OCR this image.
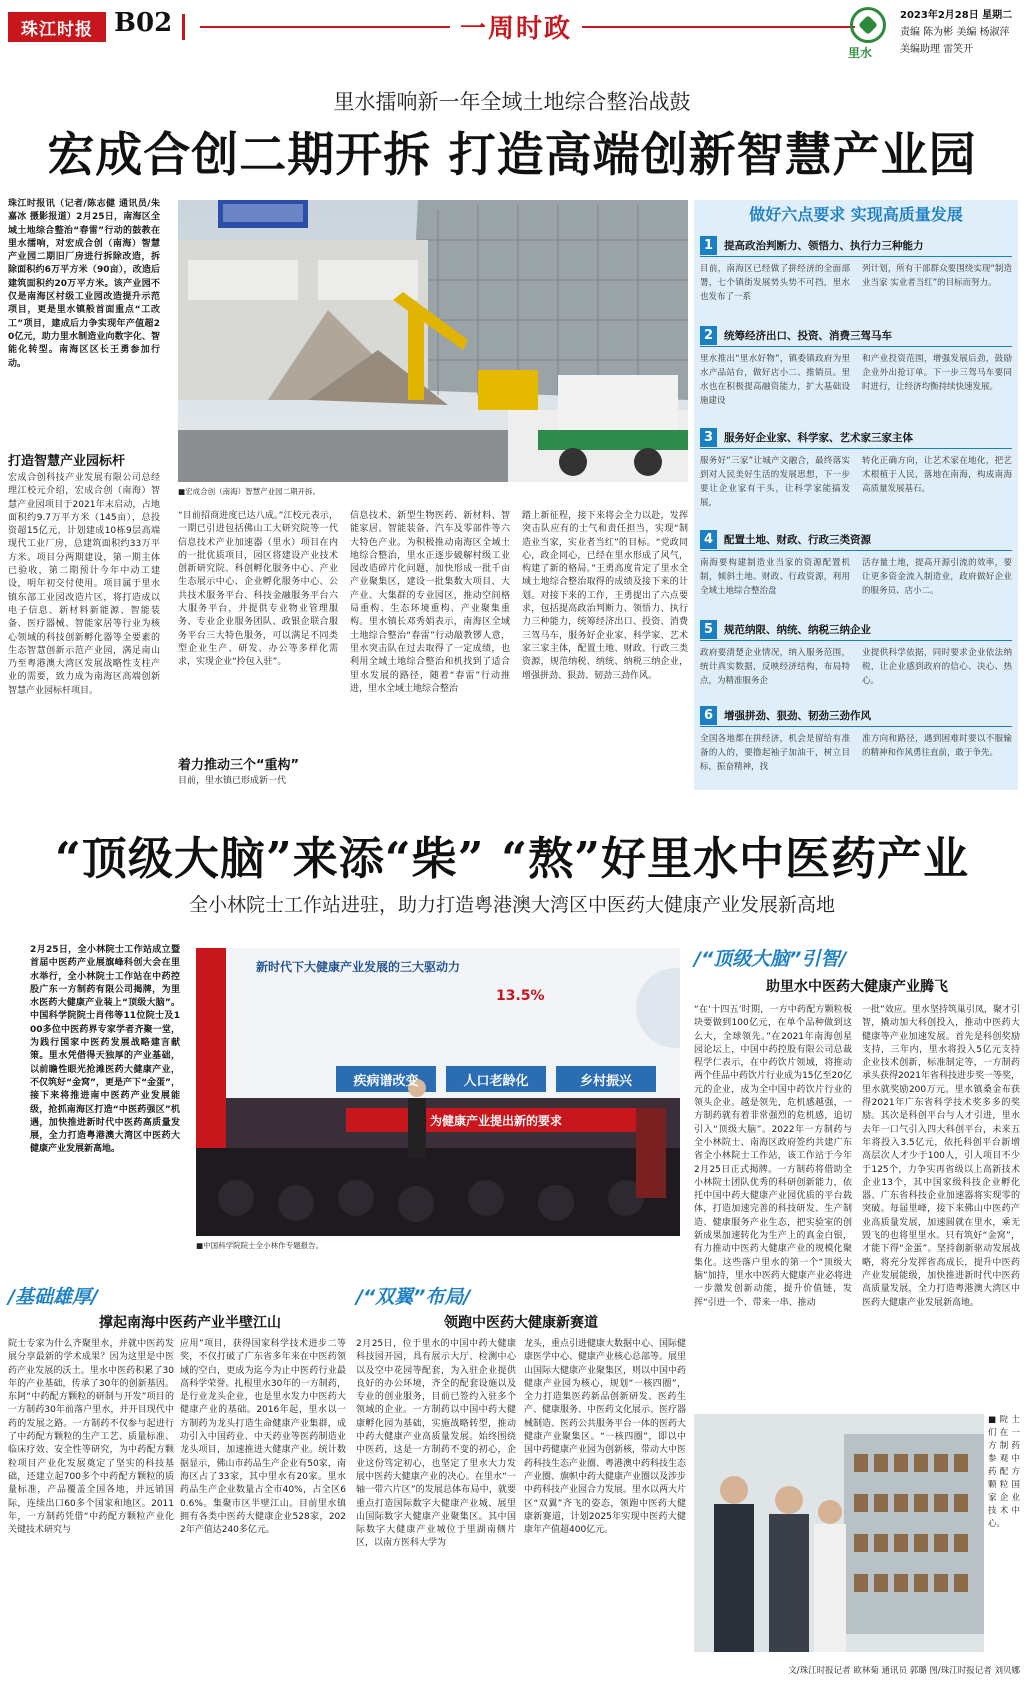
珠江时报 B02	一周时政
里水
2023年2月28日 星期二
责编 陈为彬 美编 杨淑萍
美编助理 雷笑开
里水擂响新一年全域土地综合整治战鼓
宏成合创二期开拆 打造高端创新智慧产业园
珠江时报讯（记者/陈志健 通讯员/朱嘉冰 摄影报道）2月25日，南海区全域土地综合整治“春雷”行动的鼓教在里水擂响，对宏成合创（南海）智慧产业园二期旧厂房进行拆除改造，拆除面积约6万平方米（90亩），改造后建筑面积约20万平方米。该产业园不仅是南海区村级工业园改造提升示范项目，更是里水镇般首面重点“工改工”项目，建成后力争实现年产值超20亿元，助力里水制造业向数字化、智能化转型。南海区区长王勇参加行动。
打造智慧产业园标杆
宏成合创科技产业发展有限公司总经理江校元介绍，宏成合创（南海）智慧产业园项目于2021年末启动，占地面积约9.7万平方米（145亩），总投资超15亿元，计划建成10栋9层高端现代工业厂房，总建筑面积约33万平方米。项目分两期建设，第一期主体已验收，第二期预计今年中动工建设，明年初交付使用。项目属于里水镇东部工业园改造片区，将打造成以电子信息、新材料新能源、智能装备、医疗器械、智能家居等行业为核心领域的科技创新孵化器等全要素的生态智慧创新示范产业园，满足南山乃至粤港澳大湾区发展战略性支柱产业的需要，致力成为南海区高端创新智慧产业园标杆项目。
■宏成合创（南海）智慧产业园二期开拆。
“目前招商进度已达八成。”江校元表示，一期已引进包括佛山工大研究院等一代信息技术产业加速器（里水）项目在内的一批优质项目，园区将建设产业技术创新研究院、科创孵化服务中心、产业生态展示中心、企业孵化服务中心、公共技术服务平台、科技金融服务平台六大服务平台，并提供专业物业管理服务、专业企业服务团队、政银企联合服务平台三大特色服务，可以满足不同类型企业生产、研发、办公等多样化需求，实现企业“拎包入驻”。
着力推动三个“重构”
目前，里水镇已形成新一代
信息技术、新型生物医药、新材料、智能家居、智能装备、汽车及零部件等六大特色产业。为积极推动南海区全域土地综合整治，里水正逐步破解村级工业园改造碎片化问题，加快形成一批千亩产业聚集区，建设一批集数大项目、大产业、大集群的专业园区，推动空间格局重构、生态环境重构、产业聚集重构。里水镇长邓秀娟表示，南海区全域土地综合整治“春雷”行动敲教锣人意，里水突击队在过去取得了一定成绩，也利用全域土地综合整治和机找到了适合里水发展的路径，随着“春雷”行动推进，里水全域土地综合整治
踏上新征程，接下来将会全力以赴，发挥突击队应有的士气和责任担当，实现“制造业当家，实业者当红”的目标。“党政同心，政企同心，已经在里水形成了风气，构建了新的格局。”王勇高度肯定了里水全域土地综合整治取得的成绩及接下来的计划。对接下来的工作，王勇提出了六点要求，包括提高政治判断力、领悟力、执行力三种能力，统筹经济出口、投资、消费三驾马车，服务好企业家、科学家、艺术家三家主体，配置土地、财政、行政三类资源，规范纳税、纳统、纳税三纳企业，增强拼劲、狠劲、韧劲三劲作风。
做好六点要求 实现高质量发展
1	提高政治判断力、领悟力、执行力三种能力
目前，南海区已经做了拼经济的全面部署，七个镇街发展势头势不可挡，里水也发布了一系
列计划，所有干部群众要围绕实现“制造业当家 实业者当红”的目标而努力。
2	统筹经济出口、投资、消费三驾马车
里水推出“里水好物”，镇委镇政府为里水产品站台，做好店小二、推销员。里水也在积极提高融资能力，扩大基础设施建设
和产业投资范围，增强发展后劲，鼓励企业外出抢订单。下一步三驾马车要同时进行，让经济均衡持续快速发展。
3	服务好企业家、科学家、艺术家三家主体
服务好“三家”让城产文融合，最终落实到对人民美好生活的发展思想，下一步要让企业家有干头，让科学家能搞发展，
转化正确方向，让艺术家在地化，把艺术根植于人民，落地在南海，构成南海高质量发展基石。
4	配置土地、财政、行政三类资源
南海要构建制造业当家的资源配置机制，倾斜土地、财政、行政资源，利用全域土地综合整治盘
活存量土地，提高开源引流的效率，要让更多资金流入制造业，政府做好企业的服务员、店小二。
5	规范纳限、纳统、纳税三纳企业
政府要清楚企业情况，纳入服务范围，统计真实数据，反映经济结构，布局特点，为精准服务企
业提供科学依据，同时要求企业依法纳税，让企业感到政府的信心、决心、热心。
6	增强拼劲、狠劲、韧劲三劲作风
全国各地都在拼经济，机会是留给有准备的人的，要撸起袖子加油干，树立目标，振奋精神，找
准方向和路径，遇到困难时要以不服输的精神和作风勇往直前，敢于争先。
“顶级大脑”来添“柴” “熬”好里水中医药产业
全小林院士工作站进驻，助力打造粤港澳大湾区中医药大健康产业发展新高地
2月25日，全小林院士工作站成立暨首届中医药产业展旗峰科创大会在里水举行，全小林院士工作站在中药控股广东一方制药有限公司揭牌，为里水医药大健康产业装上“顶级大脑”。中国科学院院士肖伟等11位院士及100多位中医药界专家学者齐聚一堂，为践行国家中医药发展战略建言献策。里水凭借得天独厚的产业基础，以前瞻性眼光抢滩医药大健康产业，不仅筑好“金窝”，更是产下“金蛋”，接下来将推进南中医药产业发展能级，抢抓南海区打造“中医药强区”机遇，加快推进新时代中医药高质量发展，全力打造粤港澳大湾区中医药大健康产业发展新高地。
新时代下大健康产业发展的三大驱动力
13.5%
疾病谱改变	人口老龄化	乡村振兴
为健康产业提出新的要求
■中国科学院院士全小林作专题报告。
/基础雄厚/
撑起南海中医药产业半壁江山
院士专家为什么齐聚里水，并就中医药发展分享最新的学术成果？因为这里是中医药产业发展的沃土。里水中医药积累了30年的产业基础，传承了30年的创新基因。东阿“中药配方颗粒的研制与开发”项目的一方制药30年前落户里水，并开目现代中药的发展之路。一方制药不仅参与起进行了中药配方颗粒的生产工艺、质量标准、临床疗效、安全性等研究，为中药配方颗粒项目产业化发展奠定了坚实的科技基础，还建立起700多个中药配方颗粒的质量标准，产品覆盖全国各地，并远销国际，连续出口60多个国家和地区。2011年，一方制药凭借“中药配方颗粒产业化关键技术研究与
应用”项目，获得国家科学技术进步二等奖，不仅打破了广东省多年来在中医药领域的空白，更成为迄今为止中医药行业最高科学荣誉。扎根里水30年的一方制药，是行业龙头企业，也是里水发力中医药大健康产业的基础。2016年起，里水以一方制药为龙头打造生命健康产业集群，成功引入中国药业、中天药业等医药制造业龙头项目，加速推进大健康产业。统计数据显示，佛山市药品生产企业有50家，南海区占了33家，其中里水有20家。里水药品生产企业数量占全市40%，占全区60.6%。集聚市区半壁江山。目前里水镇拥有各类中医药大健康企业528家，2022年产值达240多亿元。
/“双翼”布局/
领跑中医药大健康新赛道
2月25日，位于里水的中国中药大健康科技园开园，具有展示大厅、检测中心以及空中花园等配套，为入驻企业提供良好的办公环境，齐全的配套设施以及专业的创业服务，目前已签约入驻多个领域的企业。一方制药以中国中药大健康孵化园为基础，实施战略转型，推动中药大健康产业高质量发展。始终围绕中医药，这是一方制药不变的初心，企业这份笃定初心，也坚定了里水大力发展中医药大健康产业的决心。在里水“一轴一带六片区”的发展总体布局中，就要重点打造国际数字大健康产业城、展里山国际数字大健康产业聚集区。其中国际数字大健康产业城位于里湖南侧片区，以南方医科大学为
龙头，重点引进健康大数据中心、国际健康医学中心、健康产业核心总部等。展里山国际大健康产业聚集区，则以中国中药健康产业园为核心，规划“一核四圈”，全力打造集医药新品创新研发、医药生产、健康服务、中医药文化展示、医疗器械制造、医药公共服务平台一体的医药大健康产业聚集区。“一核四圈”，即以中国中药健康产业园为创新核，带动大中医药科技生态产业圈、粤港澳中药科技生态产业圈、旗帜中药大健康产业圈以及涉步中药科技产业园合力发展。里水以两大片区“双翼”齐飞的姿态，领跑中医药大健康新赛道，计划2025年实现中医药大健康年产值超400亿元。
/“顶级大脑”引智/
助里水中医药大健康产业腾飞
“在‘十四五’时期，一方中药配方颗粒板块要做到100亿元，在单个品种做到这么大，全球领先。”在2021年南海创星园论坛上，中国中药控股有限公司总裁程学仁表示，在中药饮片领域，将推动两个佳品中药饮片行业成为15亿至20亿元的企业，成为全中国中药饮片行业的领头企业。越是领先，危机感越强，一方制药就有着非常强烈的危机感，追切引入“顶级大脑”。2022年一方制药与全小林院士、南海区政府签约共建广东省全小林院士工作站，该工作站于今年2月25日正式揭牌。一方制药将借助全小林院士团队优秀的科研创新能力，依托中国中药大健康产业园优质的平台载体，打造加速完善的科技研发、生产制造、健康服务产业生态，把实验室的创新成果加速转化为生产上的真金白银，有力推动中医药大健康产业的规模化聚集化。这些落户里水的第一个“顶级大脑”加持，里水中医药大健康产业必将进一步激发创新动能，提升价值链，发挥“引进一个、带来一串、推动
一批”效应。里水坚持筑巢引凤，聚才引智，撬动加大科创投入，推动中医药大健康等产业加速发展。首先是科创奖励支持，三年内，里水将投入5亿元支持企业技术创新，标准制定等，一方制药承头获得2021年省科技进步奖一等奖，里水就奖励200万元。里水镇桑金布获得2021年广东省科学技术奖多多的奖励。其次是科创平台与人才引进，里水去年一口气引入四大科创平台，未来五年将投入3.5亿元，依托科创平台新增高层次人才少于100人，引人项目不少于125个，力争实再省级以上高新技术企业13个，其中国家级科技企业孵化器、广东省科技企业加速器将实现零的突破。每届里峰，接下来佛山中医药产业高质量发展，加速圆就在里水，乘无毁飞的也将里里水。只有筑好“金窝”，才能下得“金蛋”。坚持創新驱动发展战略，将充分发挥省高成长，提升中医药产业发展能级，加快推进新时代中医药高质量发展，全力打造粤港澳大湾区中医药大健康产业发展新高地。
■院士们在一方制药参观中药配方颗粒国家企业技术中心。
文/珠江时报记者 欧林菊 通讯员 郭璐 图/珠江时报记者 刘贝娜
